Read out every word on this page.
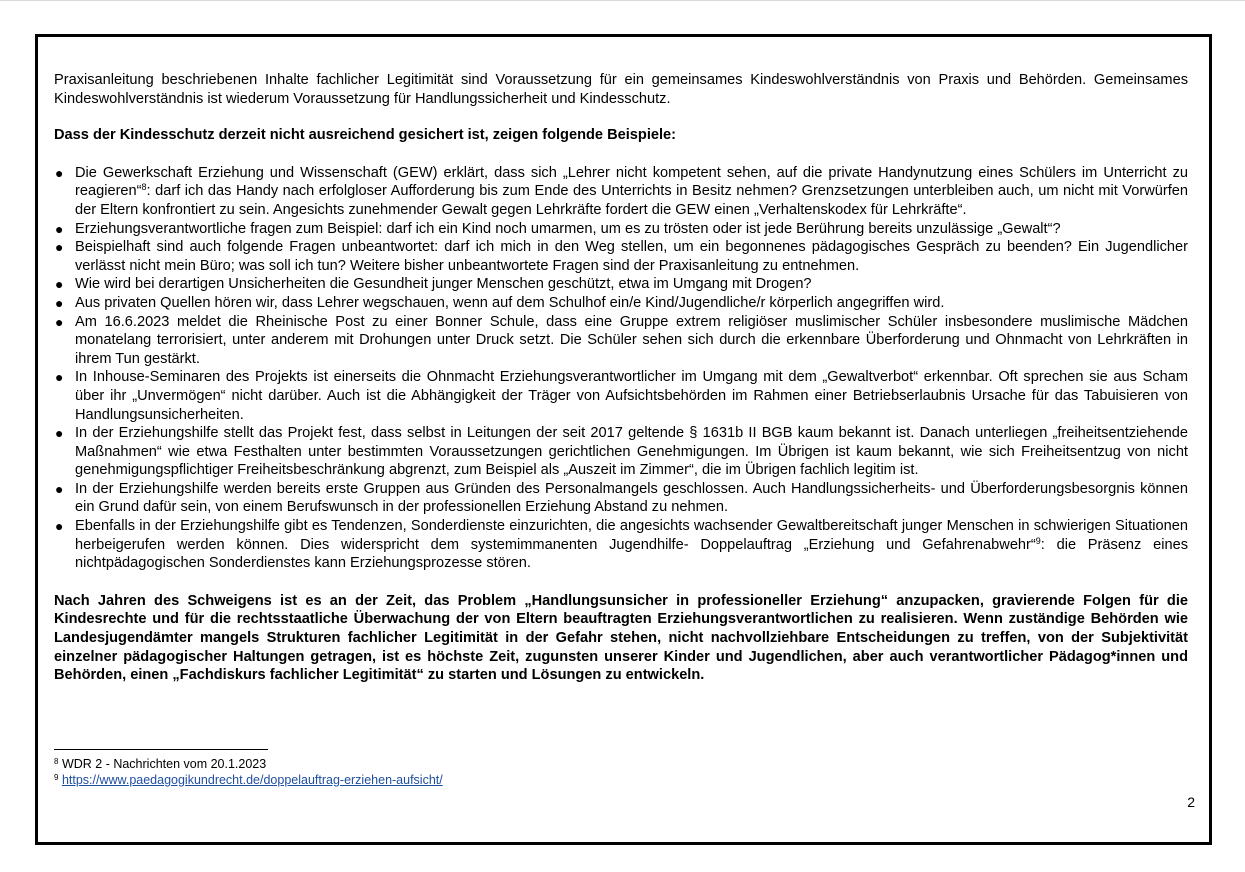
Praxisanleitung beschriebenen Inhalte fachlicher Legitimität sind Voraussetzung für ein gemeinsames Kindeswohlverständnis von Praxis und Behörden. Gemeinsames Kindeswohlverständnis ist wiederum Voraussetzung für Handlungssicherheit und Kindesschutz.

Dass der Kindesschutz derzeit nicht ausreichend gesichert ist, zeigen folgende Beispiele:

● Die Gewerkschaft Erziehung und Wissenschaft (GEW) erklärt, dass sich „Lehrer nicht kompetent sehen, auf die private Handynutzung eines Schülers im Unterricht zu reagieren“$^8$: darf ich das Handy nach erfolgloser Aufforderung bis zum Ende des Unterrichts in Besitz nehmen? Grenzsetzungen unterbleiben auch, um nicht mit Vorwürfen der Eltern konfrontiert zu sein. Angesichts zunehmender Gewalt gegen Lehrkräfte fordert die GEW einen „Verhaltenskodex für Lehrkräfte“.
● Erziehungsverantwortliche fragen zum Beispiel: darf ich ein Kind noch umarmen, um es zu trösten oder ist jede Berührung bereits unzulässige „Gewalt“?
● Beispielhaft sind auch folgende Fragen unbeantwortet: darf ich mich in den Weg stellen, um ein begonnenes pädagogisches Gespräch zu beenden? Ein Jugendlicher verlässt nicht mein Büro; was soll ich tun? Weitere bisher unbeantwortete Fragen sind der Praxisanleitung zu entnehmen.
● Wie wird bei derartigen Unsicherheiten die Gesundheit junger Menschen geschützt, etwa im Umgang mit Drogen?
● Aus privaten Quellen hören wir, dass Lehrer wegschauen, wenn auf dem Schulhof ein/e Kind/Jugendliche/r körperlich angegriffen wird.
● Am 16.6.2023 meldet die Rheinische Post zu einer Bonner Schule, dass eine Gruppe extrem religiöser muslimischer Schüler insbesondere muslimische Mädchen monatelang terrorisiert, unter anderem mit Drohungen unter Druck setzt. Die Schüler sehen sich durch die erkennbare Überforderung und Ohnmacht von Lehrkräften in ihrem Tun gestärkt.
● In Inhouse-Seminaren des Projekts ist einerseits die Ohnmacht Erziehungsverantwortlicher im Umgang mit dem „Gewaltverbot“ erkennbar. Oft sprechen sie aus Scham über ihr „Unvermögen“ nicht darüber. Auch ist die Abhängigkeit der Träger von Aufsichtsbehörden im Rahmen einer Betriebserlaubnis Ursache für das Tabuisieren von Handlungsunsicherheiten.
● In der Erziehungshilfe stellt das Projekt fest, dass selbst in Leitungen der seit 2017 geltende § 1631b II BGB kaum bekannt ist. Danach unterliegen „freiheitsentziehende Maßnahmen“ wie etwa Festhalten unter bestimmten Voraussetzungen gerichtlichen Genehmigungen. Im Übrigen ist kaum bekannt, wie sich Freiheitsentzug von nicht genehmigungspflichtiger Freiheitsbeschränkung abgrenzt, zum Beispiel als „Auszeit im Zimmer“, die im Übrigen fachlich legitim ist.
● In der Erziehungshilfe werden bereits erste Gruppen aus Gründen des Personalmangels geschlossen. Auch Handlungssicherheits- und Überforderungsbesorgnis können ein Grund dafür sein, von einem Berufswunsch in der professionellen Erziehung Abstand zu nehmen.
● Ebenfalls in der Erziehungshilfe gibt es Tendenzen, Sonderdienste einzurichten, die angesichts wachsender Gewaltbereitschaft junger Menschen in schwierigen Situationen herbeigerufen werden können. Dies widerspricht dem systemimmanenten Jugendhilfe- Doppelauftrag „Erziehung und Gefahrenabwehr“$^9$: die Präsenz eines nichtpädagogischen Sonderdienstes kann Erziehungsprozesse stören.

Nach Jahren des Schweigens ist es an der Zeit, das Problem „Handlungsunsicher in professioneller Erziehung“ anzupacken, gravierende Folgen für die Kindesrechte und für die rechtsstaatliche Überwachung der von Eltern beauftragten Erziehungsverantwortlichen zu realisieren. Wenn zuständige Behörden wie Landesjugendämter mangels Strukturen fachlicher Legitimität in der Gefahr stehen, nicht nachvollziehbare Entscheidungen zu treffen, von der Subjektivität einzelner pädagogischer Haltungen getragen, ist es höchste Zeit, zugunsten unserer Kinder und Jugendlichen, aber auch verantwortlicher Pädagog*innen und Behörden, einen „Fachdiskurs fachlicher Legitimität“ zu starten und Lösungen zu entwickeln.

$^8$ WDR 2 - Nachrichten vom 20.1.2023
$^9$ https://www.paedagogikundrecht.de/doppelauftrag-erziehen-aufsicht/
2
